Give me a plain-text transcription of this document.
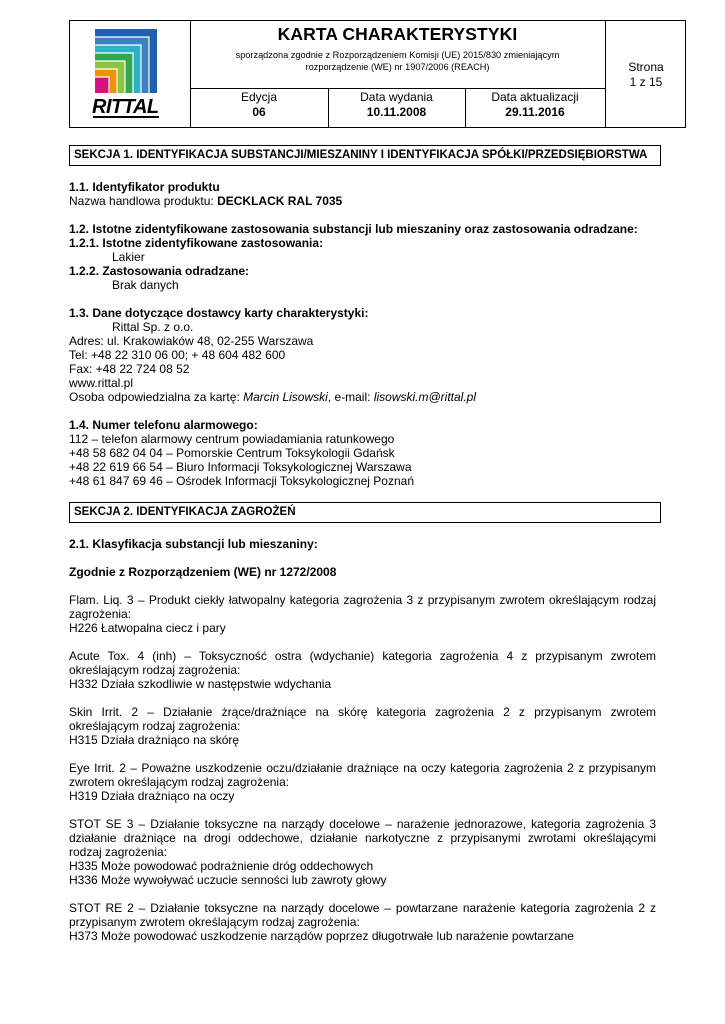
RITTAL
KARTA CHARAKTERYSTYKI
sporządzona zgodnie z Rozporządzeniem Komisji (UE) 2015/830 zmieniającym
rozporządzenie (WE) nr 1907/2006 (REACH)
Edycja
06
Data wydania
10.11.2008
Data aktualizacji
29.11.2016
Strona
1 z 15
SEKCJA 1. IDENTYFIKACJA SUBSTANCJI/MIESZANINY I IDENTYFIKACJA SPÓŁKI/PRZEDSIĘBIORSTWA
1.1. Identyfikator produktu
Nazwa handlowa produktu: DECKLACK RAL 7035
1.2. Istotne zidentyfikowane zastosowania substancji lub mieszaniny oraz zastosowania odradzane:
1.2.1. Istotne zidentyfikowane zastosowania:
Lakier
1.2.2. Zastosowania odradzane:
Brak danych
1.3. Dane dotyczące dostawcy karty charakterystyki:
Rittal Sp. z o.o.
Adres: ul. Krakowiaków 48, 02-255 Warszawa
Tel: +48 22 310 06 00; + 48 604 482 600
Fax: +48 22 724 08 52
www.rittal.pl
Osoba odpowiedzialna za kartę: Marcin Lisowski, e-mail: lisowski.m@rittal.pl
1.4. Numer telefonu alarmowego:
112 – telefon alarmowy centrum powiadamiania ratunkowego
+48 58 682 04 04 – Pomorskie Centrum Toksykologii Gdańsk
+48 22 619 66 54 – Biuro Informacji Toksykologicznej Warszawa
+48 61 847 69 46 – Ośrodek Informacji Toksykologicznej Poznań
SEKCJA 2. IDENTYFIKACJA ZAGROŻEŃ
2.1. Klasyfikacja substancji lub mieszaniny:
Zgodnie z Rozporządzeniem (WE) nr 1272/2008
Flam. Liq. 3 – Produkt ciekły łatwopalny kategoria zagrożenia 3 z przypisanym zwrotem określającym rodzaj
zagrożenia:
H226 Łatwopalna ciecz i pary
Acute Tox. 4 (inh) – Toksyczność ostra (wdychanie) kategoria zagrożenia 4 z przypisanym zwrotem
określającym rodzaj zagrożenia:
H332 Działa szkodliwie w następstwie wdychania
Skin Irrit. 2 – Działanie żrące/drażniące na skórę kategoria zagrożenia 2 z przypisanym zwrotem
określającym rodzaj zagrożenia:
H315 Działa drażniąco na skórę
Eye Irrit. 2 – Poważne uszkodzenie oczu/działanie drażniące na oczy kategoria zagrożenia 2 z przypisanym
zwrotem określającym rodzaj zagrożenia:
H319 Działa drażniąco na oczy
STOT SE 3 – Działanie toksyczne na narządy docelowe – narażenie jednorazowe, kategoria zagrożenia 3
działanie drażniące na drogi oddechowe, działanie narkotyczne z przypisanymi zwrotami określającymi
rodzaj zagrożenia:
H335 Może powodować podrażnienie dróg oddechowych
H336 Może wywoływać uczucie senności lub zawroty głowy
STOT RE 2 – Działanie toksyczne na narządy docelowe – powtarzane narażenie kategoria zagrożenia 2 z
przypisanym zwrotem określającym rodzaj zagrożenia:
H373 Może powodować uszkodzenie narządów poprzez długotrwałe lub narażenie powtarzane
